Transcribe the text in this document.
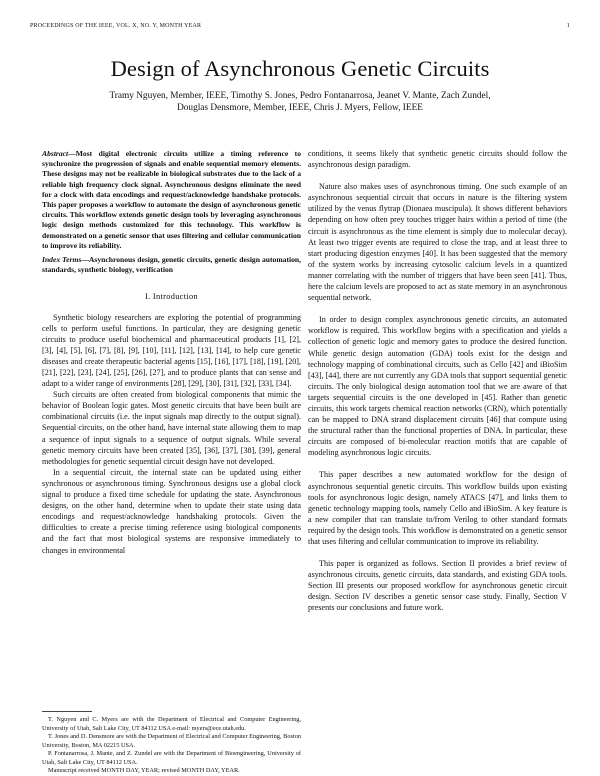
PROCEEDINGS OF THE IEEE, VOL. X, NO. Y, MONTH YEAR	1
Design of Asynchronous Genetic Circuits
Tramy Nguyen, Member, IEEE, Timothy S. Jones, Pedro Fontanarrosa, Jeanet V. Mante, Zach Zundel,
Douglas Densmore, Member, IEEE, Chris J. Myers, Fellow, IEEE
Abstract—Most digital electronic circuits utilize a timing reference to synchronize the progression of signals and enable sequential memory elements. These designs may not be realizable in biological substrates due to the lack of a reliable high frequency clock signal. Asynchronous designs eliminate the need for a clock with data encodings and request/acknowledge handshake protocols. This paper proposes a workflow to automate the design of asynchronous genetic circuits. This workflow extends genetic design tools by leveraging asynchronous logic design methods customized for this technology. This workflow is demonstrated on a genetic sensor that uses filtering and cellular communication to improve its reliability.
Index Terms—Asynchronous design, genetic circuits, genetic design automation, standards, synthetic biology, verification
I. Introduction

Synthetic biology researchers are exploring the potential of programming cells to perform useful functions. In particular, they are designing genetic circuits to produce useful biochemical and pharmaceutical products [1], [2], [3], [4], [5], [6], [7], [8], [9], [10], [11], [12], [13], [14], to help cure genetic diseases and create therapeutic bacterial agents [15], [16], [17], [18], [19], [20], [21], [22], [23], [24], [25], [26], [27], and to produce plants that can sense and adapt to a wider range of environments [28], [29], [30], [31], [32], [33], [34].

Such circuits are often created from biological components that mimic the behavior of Boolean logic gates. Most genetic circuits that have been built are combinational circuits (i.e. the input signals map directly to the output signal). Sequential circuits, on the other hand, have internal state allowing them to map a sequence of input signals to a sequence of output signals. While several genetic memory circuits have been created [35], [36], [37], [38], [39], general methodologies for genetic sequential circuit design have not developed.

In a sequential circuit, the internal state can be updated using either synchronous or asynchronous timing. Synchronous designs use a global clock signal to produce a fixed time schedule for updating the state. Asynchronous designs, on the other hand, determine when to update their state using data encodings and request/acknowledge handshaking protocols. Given the difficulties to create a precise timing reference using biological components and the fact that most biological systems are responsive immediately to changes in environmental

T. Nguyen and C. Myers are with the Department of Electrical and Computer Engineering, University of Utah, Salt Lake City, UT 84112 USA e-mail: myers@ece.utah.edu.

T. Jones and D. Densmore are with the Department of Electrical and Computer Engineering, Boston University, Boston, MA 02215 USA.

P. Fontanarrosa, J. Mante, and Z. Zundel are with the Department of Bioengineering, University of Utah, Salt Lake City, UT 84112 USA.

Manuscript received MONTH DAY, YEAR; revised MONTH DAY, YEAR.

conditions, it seems likely that synthetic genetic circuits should follow the asynchronous design paradigm.

Nature also makes uses of asynchronous timing. One such example of an asynchronous sequential circuit that occurs in nature is the filtering system utilized by the venus flytrap (Dionaea muscipula). It shows different behaviors depending on how often prey touches trigger hairs within a period of time (the circuit is asynchronous as the time element is simply due to molecular decay). At least two trigger events are required to close the trap, and at least three to start producing digestion enzymes [40]. It has been suggested that the memory of the system works by increasing cytosolic calcium levels in a quantized manner correlating with the number of triggers that have been seen [41]. Thus, here the calcium levels are proposed to act as state memory in an asynchronous sequential network.

In order to design complex asynchronous genetic circuits, an automated workflow is required. This workflow begins with a specification and yields a collection of genetic logic and memory gates to produce the desired function. While genetic design automation (GDA) tools exist for the design and technology mapping of combinational circuits, such as Cello [42] and iBioSim [43], [44], there are not currently any GDA tools that support sequential genetic circuits. The only biological design automation tool that we are aware of that targets sequential circuits is the one developed in [45]. Rather than genetic circuits, this work targets chemical reaction networks (CRN), which potentially can be mapped to DNA strand displacement circuits [46] that compute using the structural rather than the functional properties of DNA. In particular, these circuits are composed of bi-molecular reaction motifs that are capable of modeling asynchronous logic circuits.

This paper describes a new automated workflow for the design of asynchronous sequential genetic circuits. This workflow builds upon existing tools for asynchronous logic design, namely ATACS [47], and links them to genetic technology mapping tools, namely Cello and iBioSim. A key feature is a new compiler that can translate to/from Verilog to other standard formats required by the design tools. This workflow is demonstrated on a genetic sensor that uses filtering and cellular communication to improve its reliability.

This paper is organized as follows. Section II provides a brief review of asynchronous circuits, genetic circuits, data standards, and existing GDA tools. Section III presents our proposed workflow for asynchronous genetic circuit design. Section IV describes a genetic sensor case study. Finally, Section V presents our conclusions and future work.
